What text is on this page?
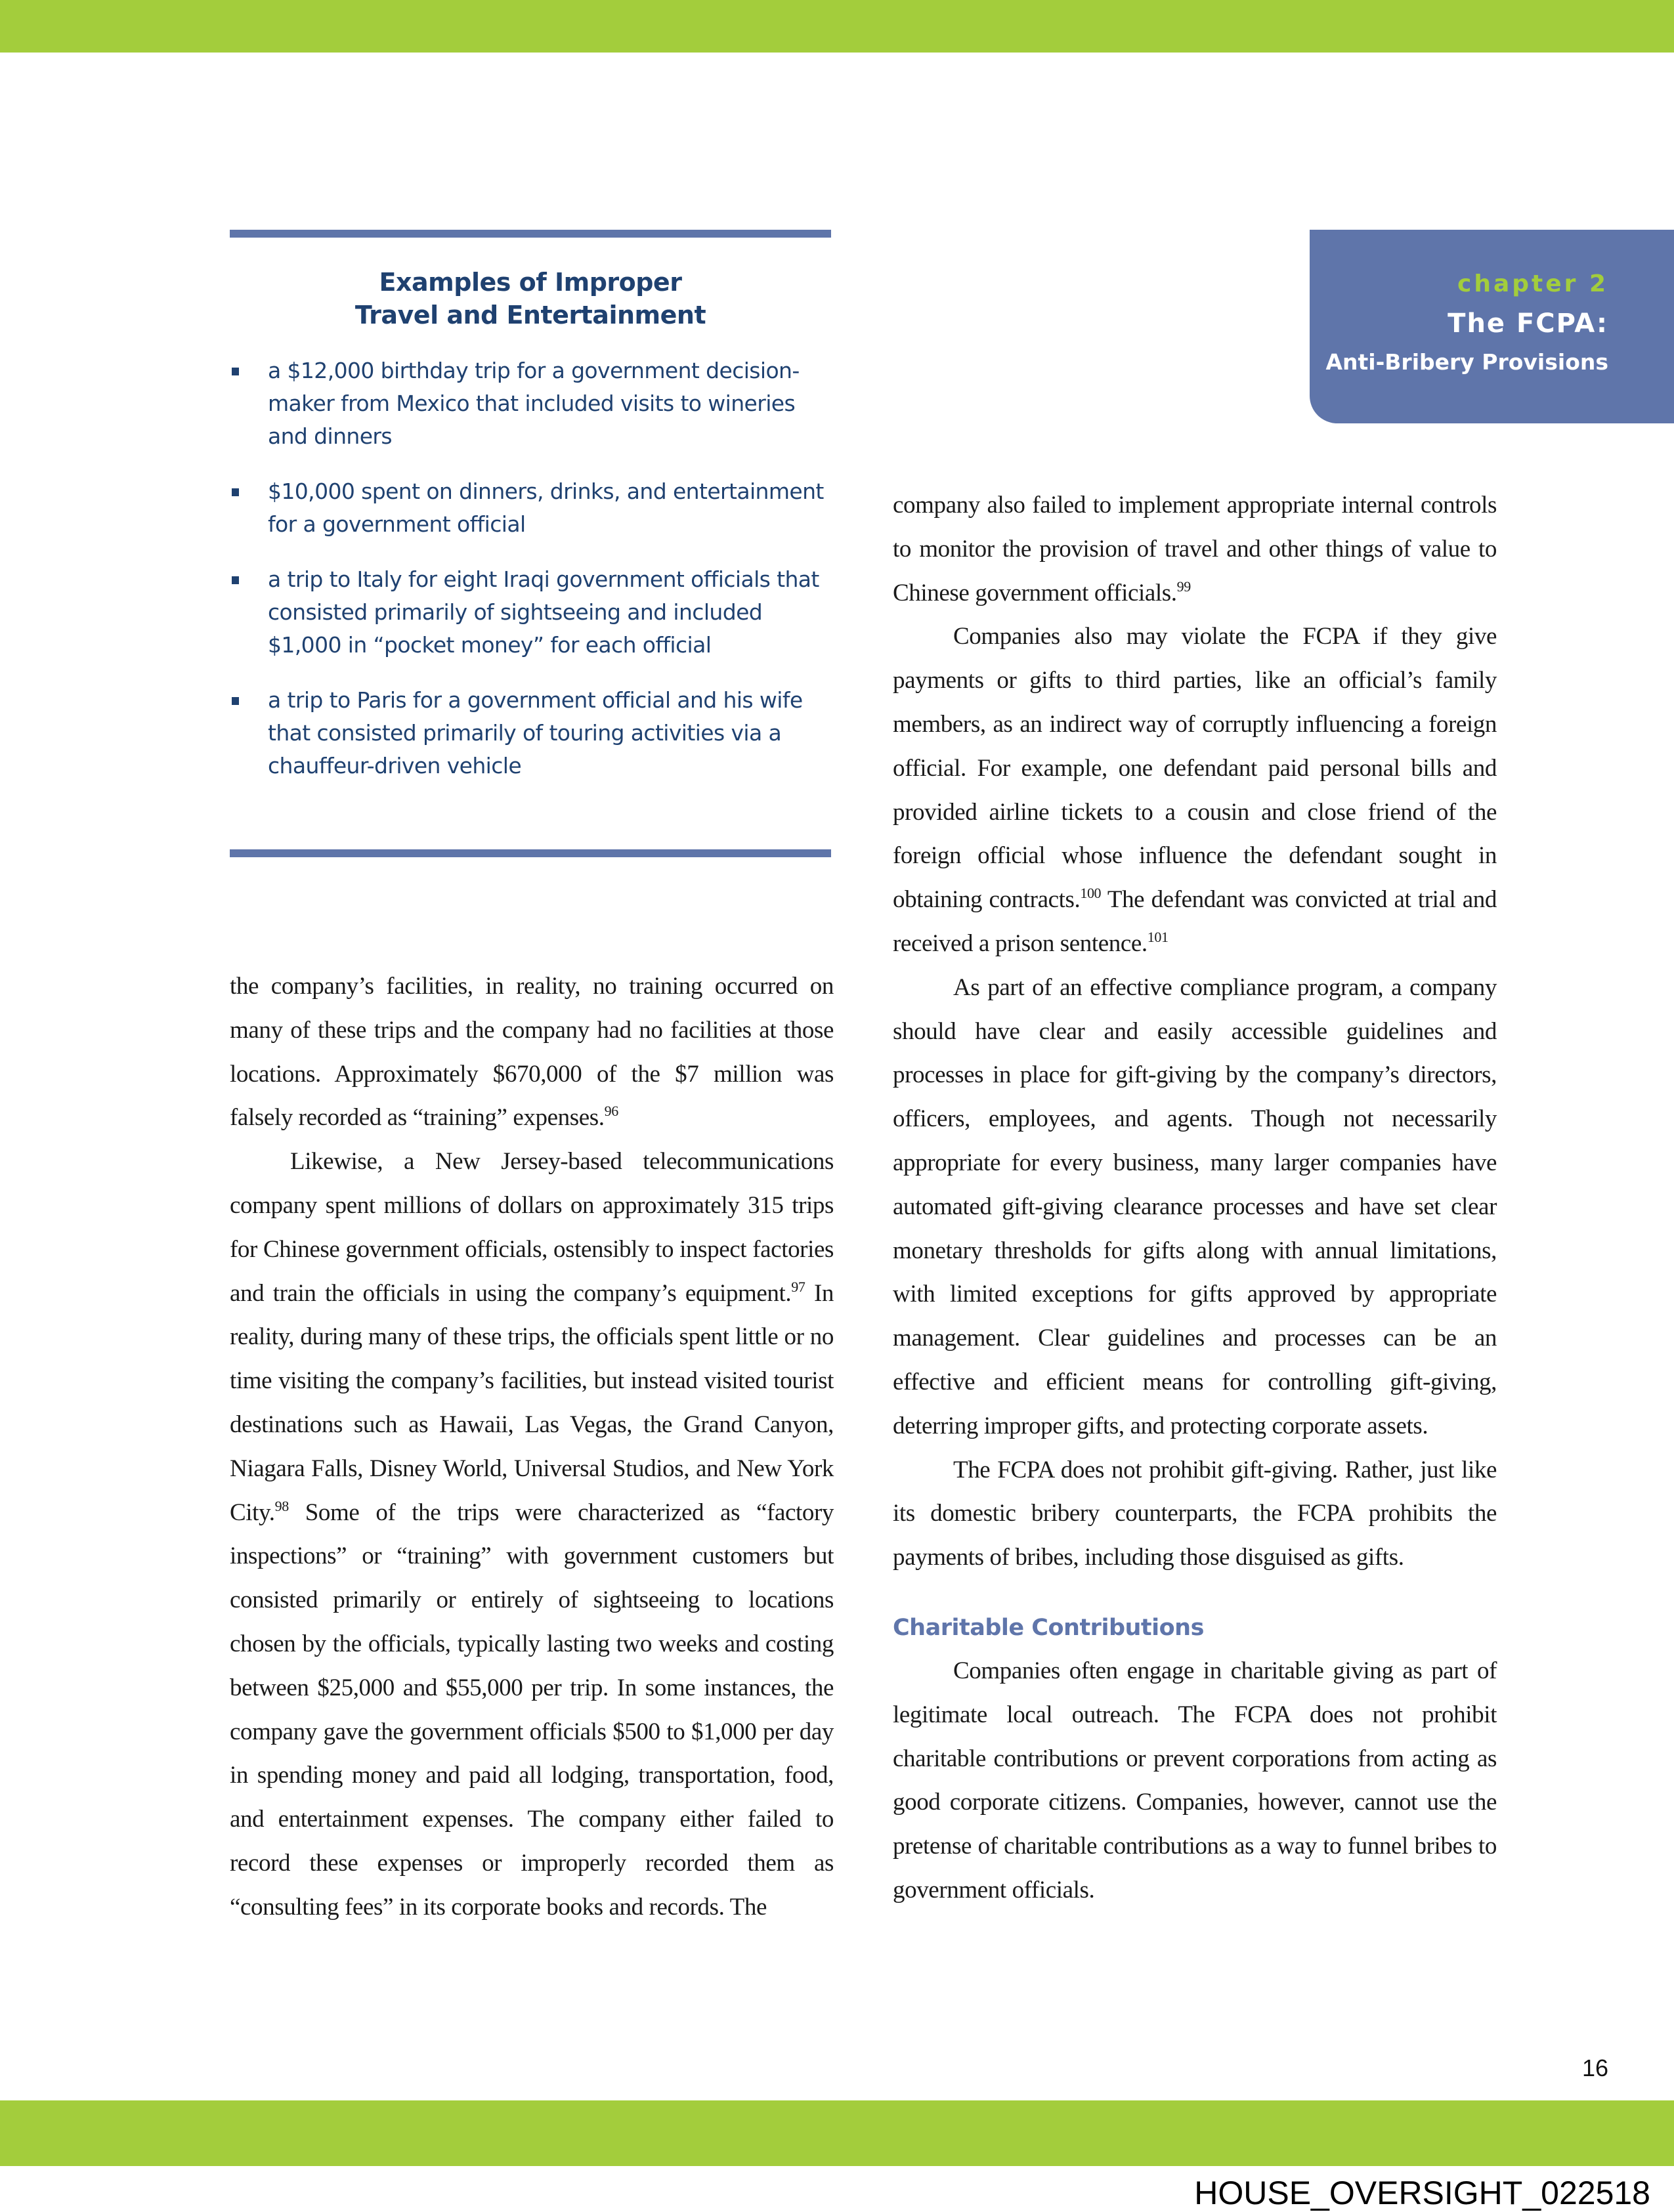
Examples of Improper
Travel and Entertainment
a $12,000 birthday trip for a government decision-maker from Mexico that included visits to wineries and dinners
$10,000 spent on dinners, drinks, and entertainment for a government official
a trip to Italy for eight Iraqi government officials that consisted primarily of sightseeing and included $1,000 in “pocket money” for each official
a trip to Paris for a government official and his wife that consisted primarily of touring activities via a chauffeur-driven vehicle
chapter 2
The FCPA:
Anti-Bribery Provisions

the company’s facilities, in reality, no training occurred on many of these trips and the company had no facilities at those locations. Approximately $670,000 of the $7 million was falsely recorded as “training” expenses.$^{96}$

Likewise, a New Jersey-based telecommunications company spent millions of dollars on approximately 315 trips for Chinese government officials, ostensibly to inspect factories and train the officials in using the company’s equipment.$^{97}$ In reality, during many of these trips, the officials spent little or no time visiting the company’s facilities, but instead visited tourist destinations such as Hawaii, Las Vegas, the Grand Canyon, Niagara Falls, Disney World, Universal Studios, and New York City.$^{98}$ Some of the trips were characterized as “factory inspections” or “training” with government customers but consisted primarily or entirely of sightseeing to locations chosen by the officials, typically lasting two weeks and costing between $25,000 and $55,000 per trip. In some instances, the company gave the government officials $500 to $1,000 per day in spending money and paid all lodging, transportation, food, and entertainment expenses. The company either failed to record these expenses or improperly recorded them as “consulting fees” in its corporate books and records. The

company also failed to implement appropriate internal controls to monitor the provision of travel and other things of value to Chinese government officials.$^{99}$

Companies also may violate the FCPA if they give payments or gifts to third parties, like an official’s family members, as an indirect way of corruptly influencing a foreign official. For example, one defendant paid personal bills and provided airline tickets to a cousin and close friend of the foreign official whose influence the defendant sought in obtaining contracts.$^{100}$ The defendant was convicted at trial and received a prison sentence.$^{101}$

As part of an effective compliance program, a company should have clear and easily accessible guidelines and processes in place for gift-giving by the company’s directors, officers, employees, and agents. Though not necessarily appropriate for every business, many larger companies have automated gift-giving clearance processes and have set clear monetary thresholds for gifts along with annual limitations, with limited exceptions for gifts approved by appropriate management. Clear guidelines and processes can be an effective and efficient means for controlling gift-giving, deterring improper gifts, and protecting corporate assets.

The FCPA does not prohibit gift-giving. Rather, just like its domestic bribery counterparts, the FCPA prohibits the payments of bribes, including those disguised as gifts.

Charitable Contributions

Companies often engage in charitable giving as part of legitimate local outreach. The FCPA does not prohibit charitable contributions or prevent corporations from acting as good corporate citizens. Companies, however, cannot use the pretense of charitable contributions as a way to funnel bribes to government officials.

16
HOUSE_OVERSIGHT_022518
